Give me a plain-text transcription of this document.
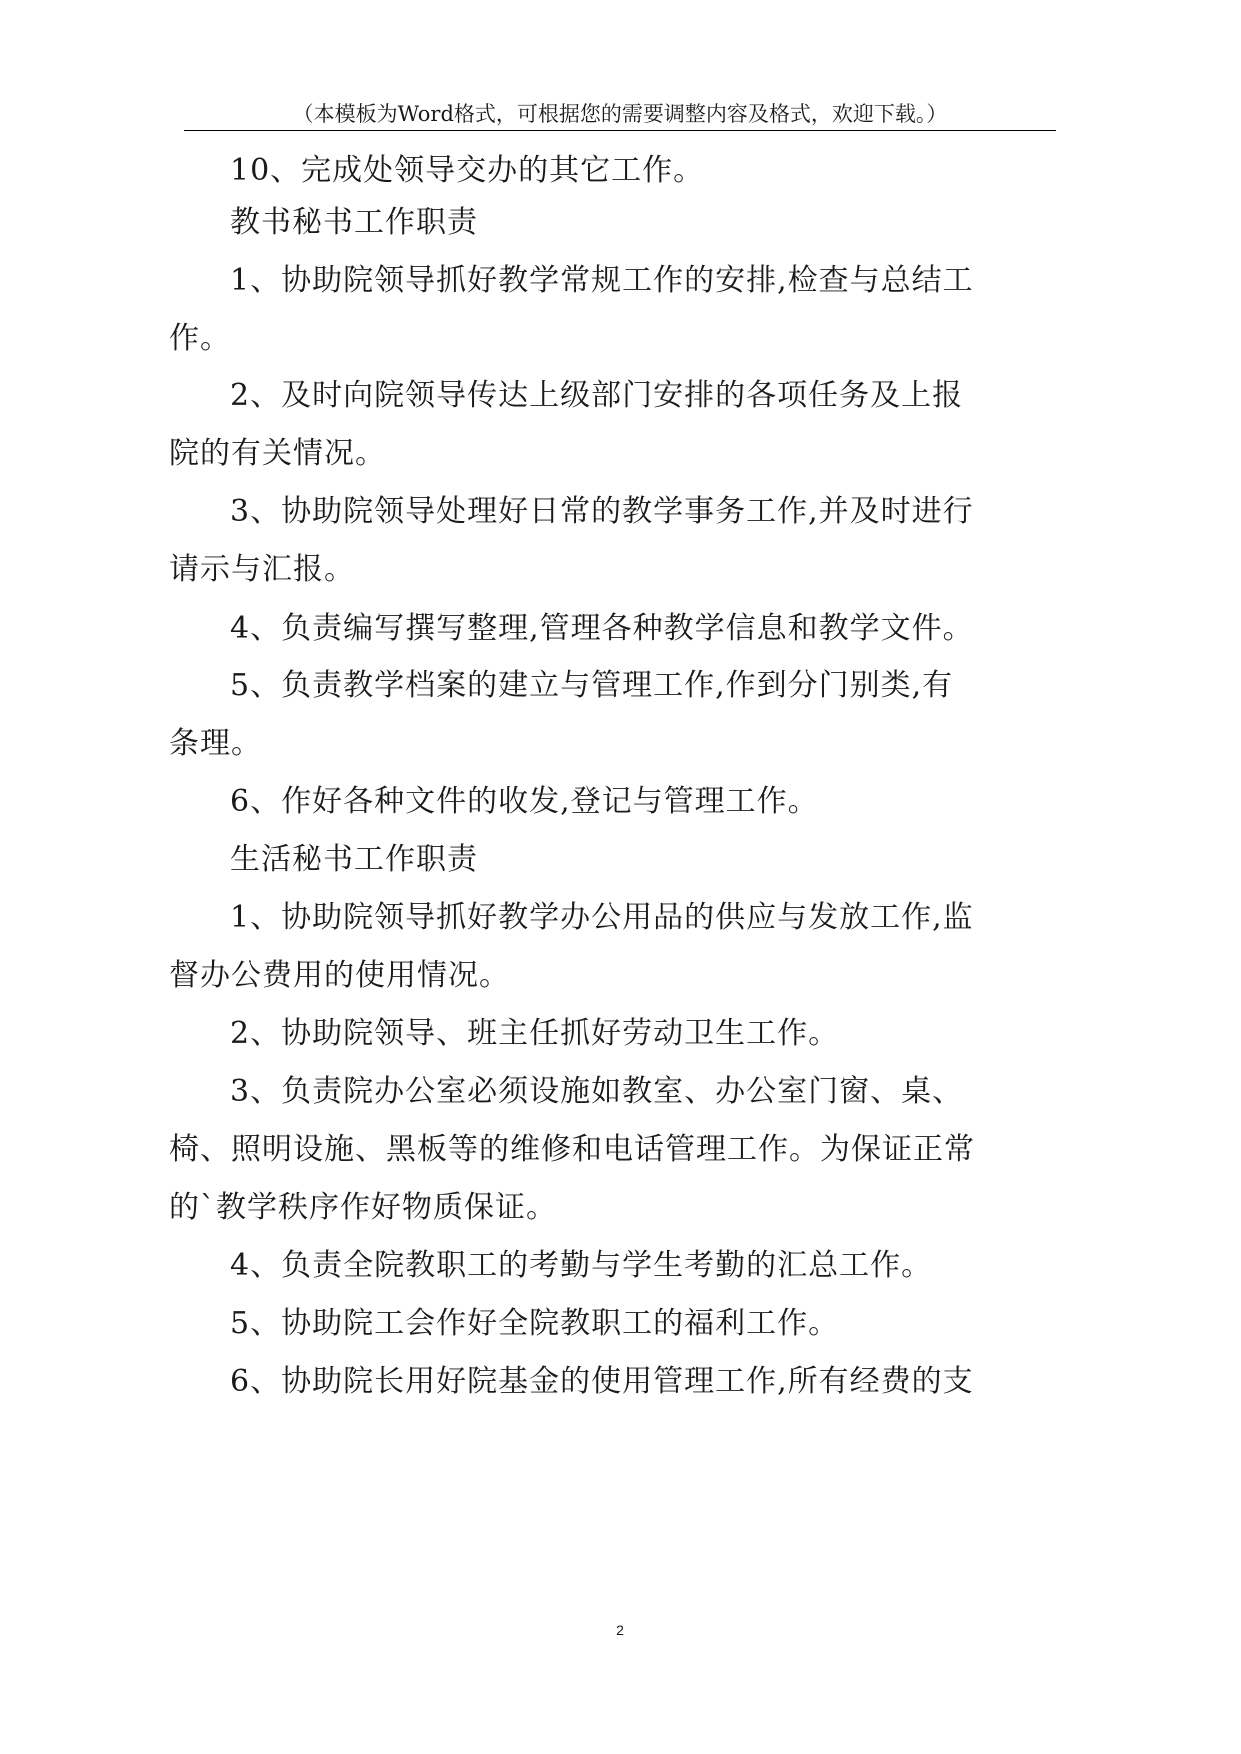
（本模板为Word格式，可根据您的需要调整内容及格式，欢迎下载。）
10、完成处领导交办的其它工作。
教书秘书工作职责
1、协助院领导抓好教学常规工作的安排,检查与总结工
作。
2、及时向院领导传达上级部门安排的各项任务及上报
院的有关情况。
3、协助院领导处理好日常的教学事务工作,并及时进行
请示与汇报。
4、负责编写撰写整理,管理各种教学信息和教学文件。
5、负责教学档案的建立与管理工作,作到分门别类,有
条理。
6、作好各种文件的收发,登记与管理工作。
生活秘书工作职责
1、协助院领导抓好教学办公用品的供应与发放工作,监
督办公费用的使用情况。
2、协助院领导、班主任抓好劳动卫生工作。
3、负责院办公室必须设施如教室、办公室门窗、桌、
椅、照明设施、黑板等的维修和电话管理工作。为保证正常
的`教学秩序作好物质保证。
4、负责全院教职工的考勤与学生考勤的汇总工作。
5、协助院工会作好全院教职工的福利工作。
6、协助院长用好院基金的使用管理工作,所有经费的支
2
